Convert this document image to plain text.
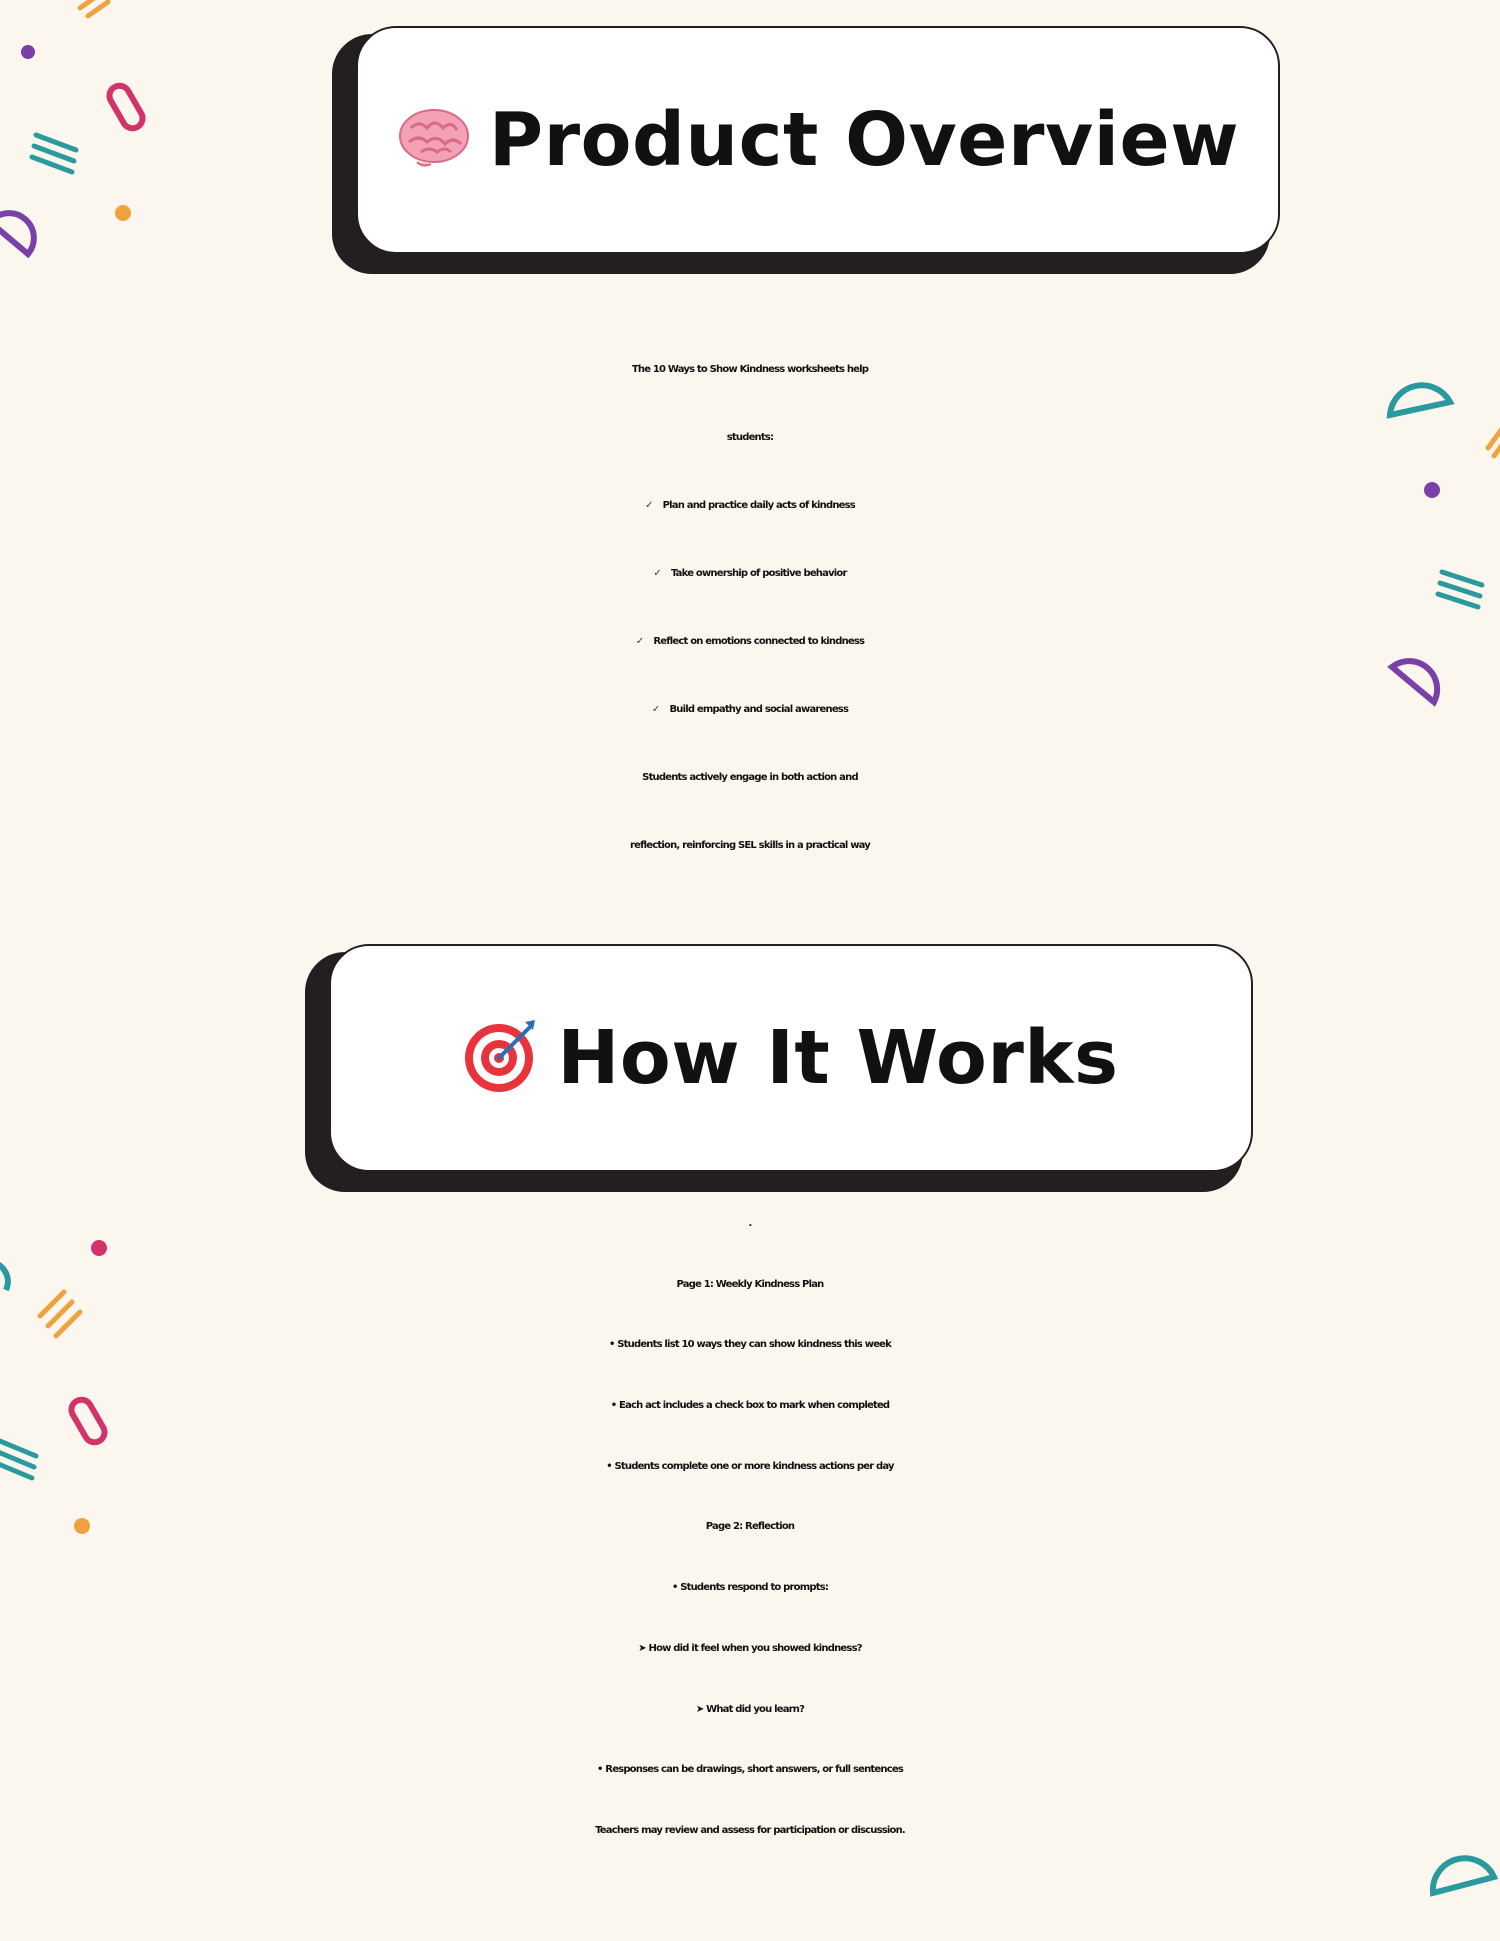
Product Overview
The 10 Ways to Show Kindness worksheets help
students:
✓ Plan and practice daily acts of kindness
✓ Take ownership of positive behavior
✓ Reflect on emotions connected to kindness
✓ Build empathy and social awareness
Students actively engage in both action and
reflection, reinforcing SEL skills in a practical way
How It Works
.
Page 1: Weekly Kindness Plan
• Students list 10 ways they can show kindness this week
• Each act includes a check box to mark when completed
• Students complete one or more kindness actions per day
Page 2: Reflection
• Students respond to prompts:
➤ How did it feel when you showed kindness?
➤ What did you learn?
• Responses can be drawings, short answers, or full sentences
Teachers may review and assess for participation or discussion.
